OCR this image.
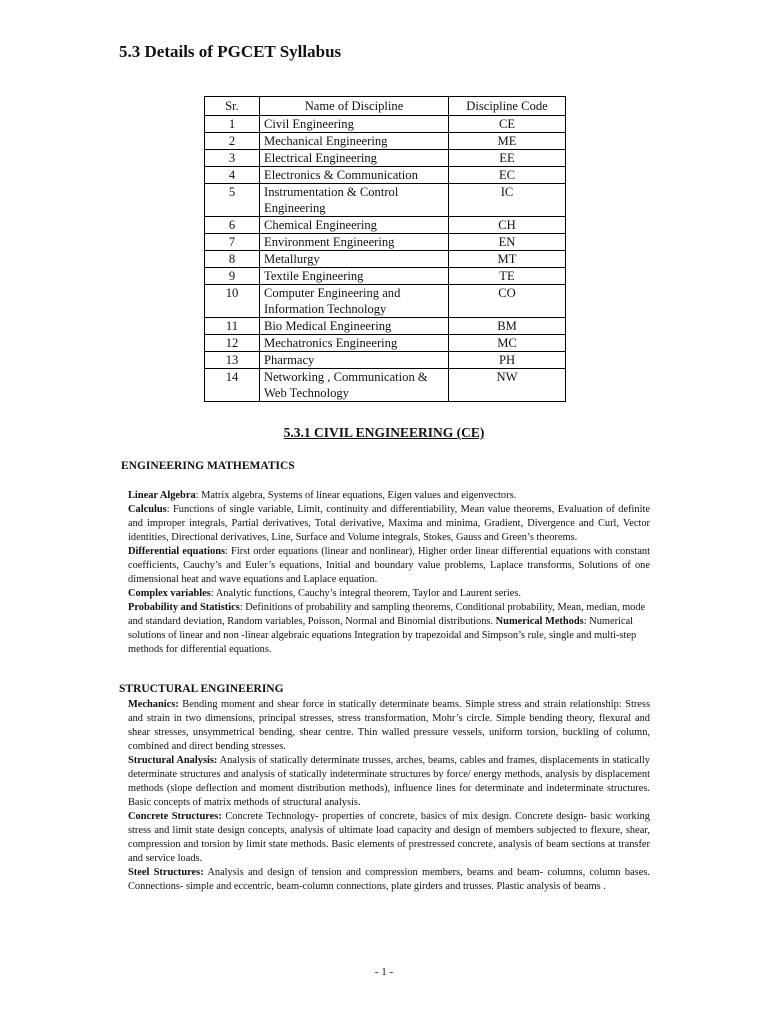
5.3 Details of PGCET Syllabus
Sr.	Name of Discipline	Discipline Code
1	Civil Engineering	CE
2	Mechanical Engineering	ME
3	Electrical Engineering	EE
4	Electronics & Communication	EC
5	Instrumentation & Control Engineering	IC
6	Chemical Engineering	CH
7	Environment Engineering	EN
8	Metallurgy	MT
9	Textile Engineering	TE
10	Computer Engineering and Information Technology	CO
11	Bio Medical Engineering	BM
12	Mechatronics Engineering	MC
13	Pharmacy	PH
14	Networking , Communication & Web Technology	NW
5.3.1 CIVIL ENGINEERING (CE)
ENGINEERING MATHEMATICS

Linear Algebra: Matrix algebra, Systems of linear equations, Eigen values and eigenvectors.

Calculus: Functions of single variable, Limit, continuity and differentiability, Mean value theorems, Evaluation of definite and improper integrals, Partial derivatives, Total derivative, Maxima and minima, Gradient, Divergence and Curl, Vector identities, Directional derivatives, Line, Surface and Volume integrals, Stokes, Gauss and Green’s theorems.

Differential equations: First order equations (linear and nonlinear), Higher order linear differential equations with constant coefficients, Cauchy’s and Euler’s equations, Initial and boundary value problems, Laplace transforms, Solutions of one dimensional heat and wave equations and Laplace equation.

Complex variables: Analytic functions, Cauchy’s integral theorem, Taylor and Laurent series.

Probability and Statistics: Definitions of probability and sampling theorems, Conditional probability, Mean, median, mode and standard deviation, Random variables, Poisson, Normal and Binomial distributions. Numerical Methods: Numerical solutions of linear and non -linear algebraic equations Integration by trapezoidal and Simpson’s rule, single and multi-step methods for differential equations.

STRUCTURAL ENGINEERING

Mechanics: Bending moment and shear force in statically determinate beams. Simple stress and strain relationship: Stress and strain in two dimensions, principal stresses, stress transformation, Mohr’s circle. Simple bending theory, flexural and shear stresses, unsymmetrical bending, shear centre. Thin walled pressure vessels, uniform torsion, buckling of column, combined and direct bending stresses.

Structural Analysis: Analysis of statically determinate trusses, arches, beams, cables and frames, displacements in statically determinate structures and analysis of statically indeterminate structures by force/ energy methods, analysis by displacement methods (slope deflection and moment distribution methods), influence lines for determinate and indeterminate structures. Basic concepts of matrix methods of structural analysis.

Concrete Structures: Concrete Technology- properties of concrete, basics of mix design. Concrete design- basic working stress and limit state design concepts, analysis of ultimate load capacity and design of members subjected to flexure, shear, compression and torsion by limit state methods. Basic elements of prestressed concrete, analysis of beam sections at transfer and service loads.

Steel Structures: Analysis and design of tension and compression members, beams and beam- columns, column bases. Connections- simple and eccentric, beam-column connections, plate girders and trusses. Plastic analysis of beams .

- 1 -
